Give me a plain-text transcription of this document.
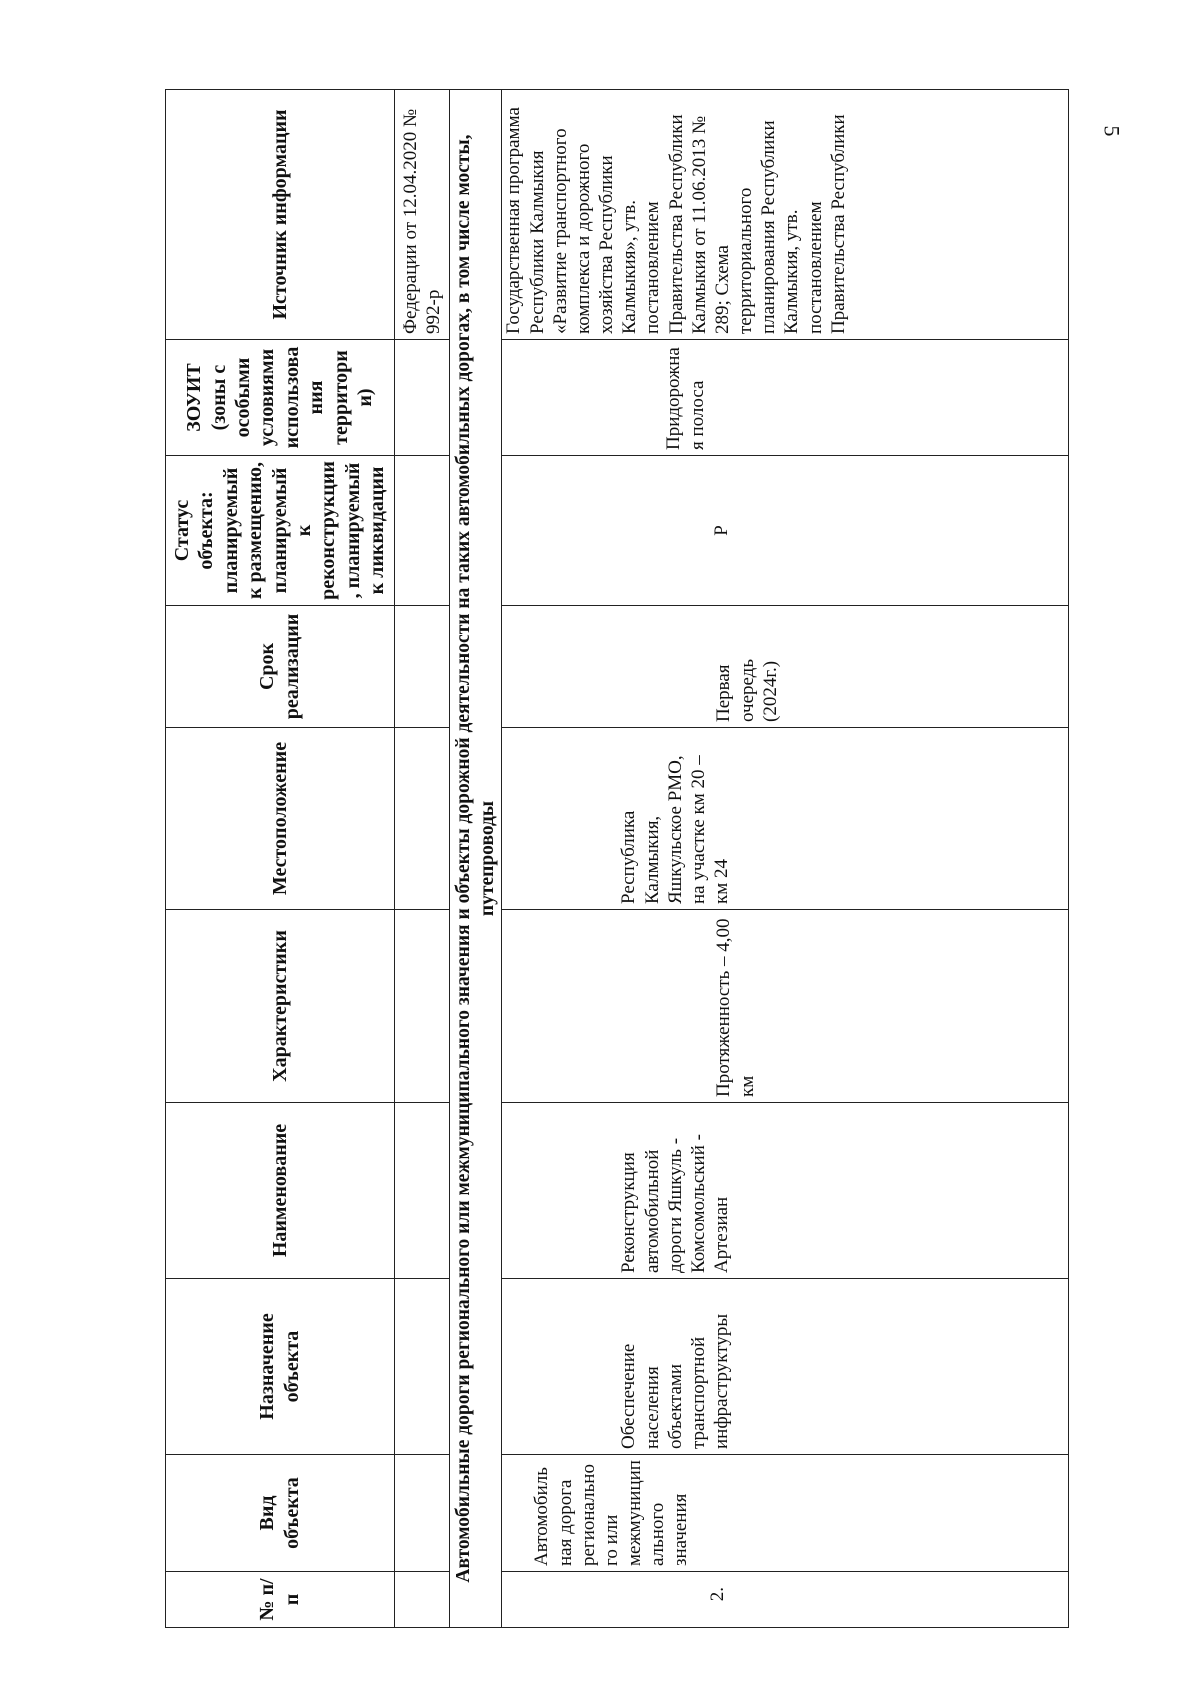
5
№ п/п	Вид объекта	Назначение объекта	Наименование	Характеристики	Местоположение	Срок реализации	Статус объекта: планируемый к размещению, планируемый к реконструкции, планируемый к ликвидации	ЗОУИТ (зоны с особыми условиями использования территории)	Источник информации
									Федерации от 12.04.2020 № 992-р
Автомобильные дороги регионального или межмуниципального значения и объекты дорожной деятельности на таких автомобильных дорогах, в том числе мосты, путепроводы									

2.	Автомобильная дорога регионального или межмуниципального значения	Обеспечение населения объектами транспортной инфраструктуры	Реконструкция автомобильной дороги Яшкуль - Комсомольский - Артезиан	Протяженность – 4,00 км	Республика Калмыкия, Яшкульское РМО, на участке км 20 – км 24	Первая очередь (2024г.)	Р	Придорожная полоса	Государственная программа Республики Калмыкия «Развитие транспортного комплекса и дорожного хозяйства Республики Калмыкия», утв. постановлением Правительства Республики Калмыкия от 11.06.2013 № 289; Схема территориального планирования Республики Калмыкия, утв. постановлением Правительства Республики
